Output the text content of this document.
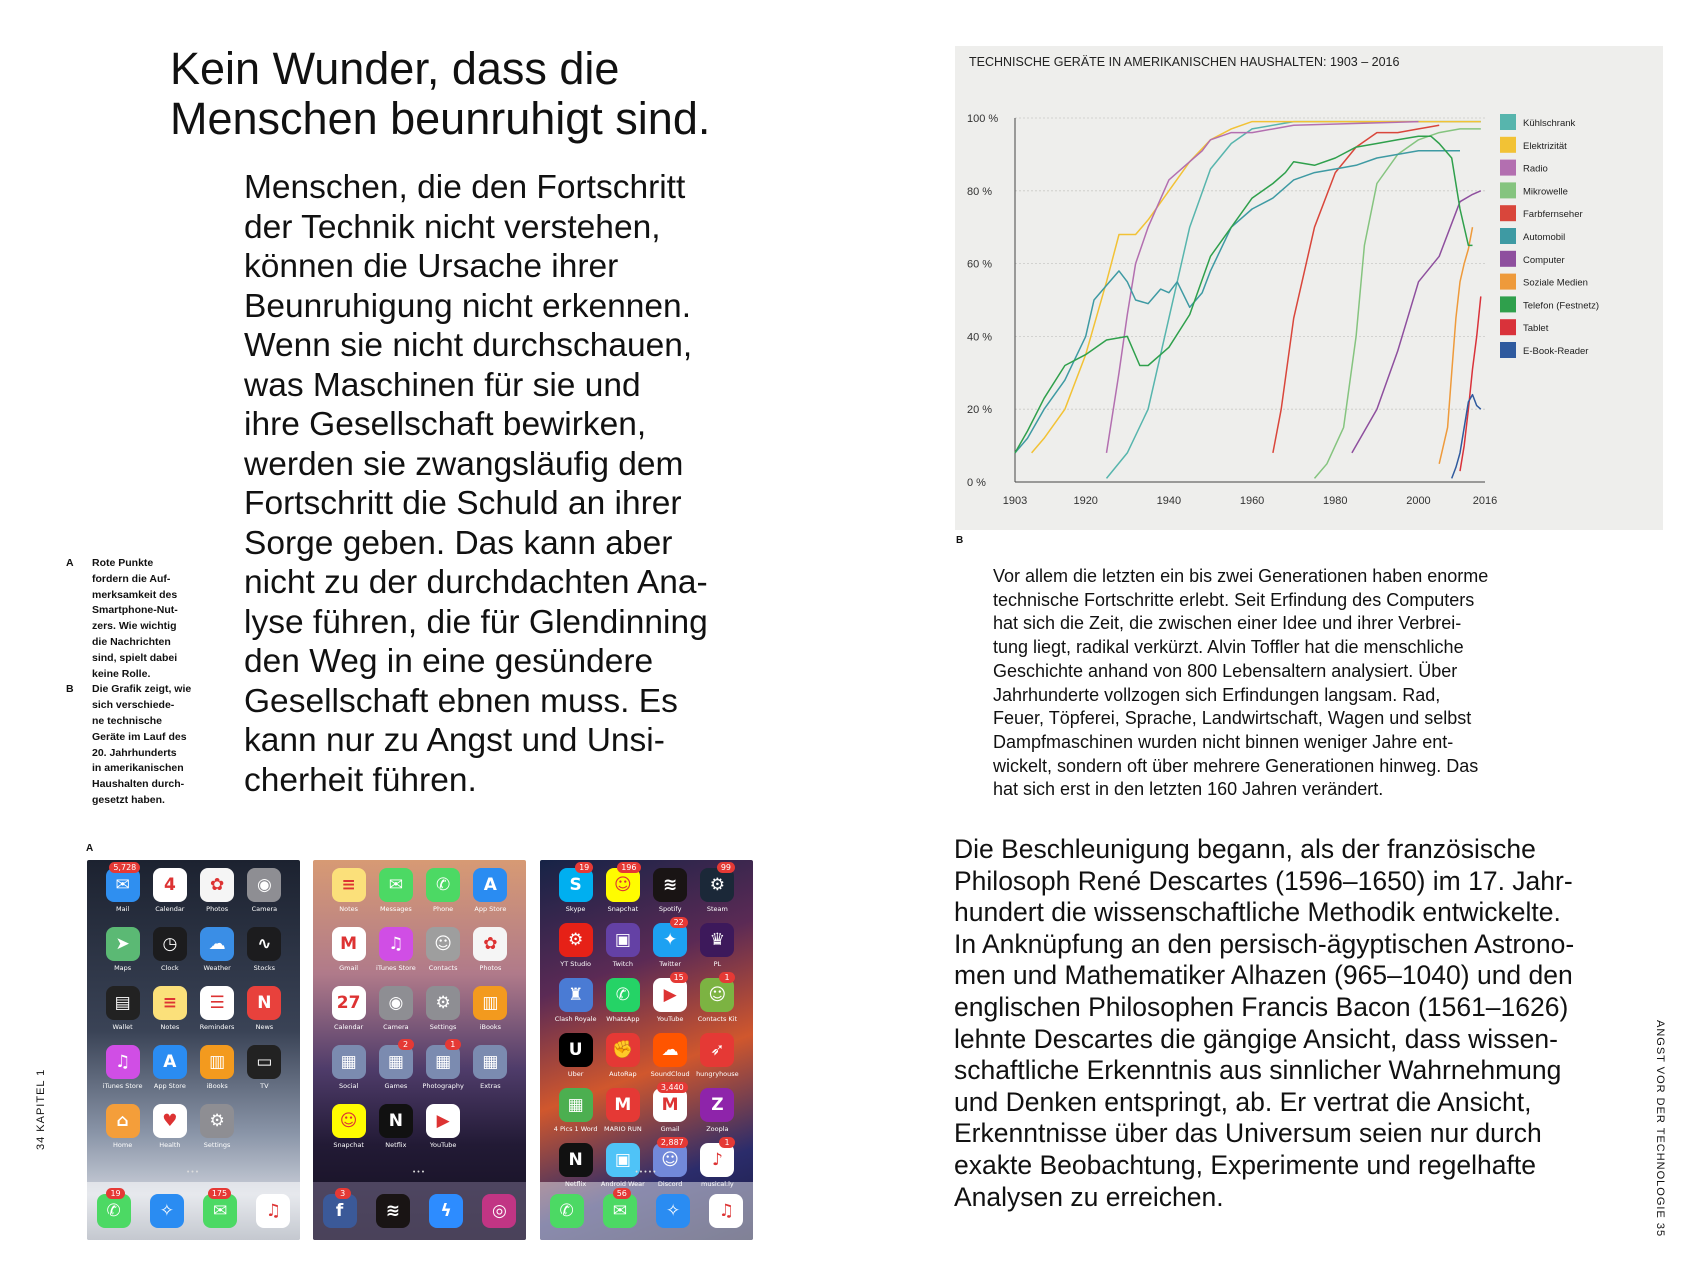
Kein Wunder, dass die
Menschen beunruhigt sind.
Menschen, die den Fortschritt
der Technik nicht verstehen,
können die Ursache ihrer
Beunruhigung nicht erkennen.
Wenn sie nicht durchschauen,
was Maschinen für sie und
ihre Gesellschaft bewirken,
werden sie zwangsläufig dem
Fortschritt die Schuld an ihrer
Sorge geben. Das kann aber
nicht zu der durchdachten Ana-
lyse führen, die für Glendinning
den Weg in eine gesündere
Gesellschaft ebnen muss. Es
kann nur zu Angst und Unsi-
cherheit führen.
A Rote Punkte
fordern die Auf-
merksamkeit des
Smartphone-Nut-
zers. Wie wichtig
die Nachrichten
sind, spielt dabei
keine Rolle.
B Die Grafik zeigt, wie
sich verschiede-
ne technische
Geräte im Lauf des
20. Jahrhunderts
in amerikanischen
Haushalten durch-
gesetzt haben.
A
✉
5,728
Mail
4
Calendar
✿
Photos
◉
Camera
➤
Maps
◷
Clock
☁
Weather
∿
Stocks
▤
Wallet
≡
Notes
☰
Reminders
N
News
♫
iTunes Store
A
App Store
▥
iBooks
▭
TV
⌂
Home
♥
Health
⚙
Settings
•••
✆
19
✧	✉
175
♫
≡
Notes
✉
Messages
✆
Phone
A
App Store
M
Gmail
♫
iTunes Store
☺
Contacts
✿
Photos
27
Calendar
◉
Camera
⚙
Settings
▥
iBooks
▦
Social
▦
2
Games
▦
1
Photography
▦
Extras
☺
Snapchat
N
Netflix
▶
YouTube
•••
f
3
≋	ϟ	◎
S
19
Skype
☺
196
Snapchat
≋
Spotify
⚙
99
Steam
⚙
YT Studio
▣
Twitch
✦
22
Twitter
♛
PL
♜
Clash Royale
✆
WhatsApp
▶
15
YouTube
☺
1
Contacts Kit
U
Uber
✊
AutoRap
☁
SoundCloud
➶
hungryhouse
▦
4 Pics 1 Word
M
MARIO RUN
M
3,440
Gmail
Z
Zoopla
N
Netflix
▣
Android Wear
☺
2,887
Discord
♪
1
musical.ly
•••••
✆	✉
56
✧	♫
34 KAPITEL 1
TECHNISCHE GERÄTE IN AMERIKANISCHEN HAUSHALTEN: 1903 – 2016
0 %
20 %
40 %
60 %
80 %
100 %
1903	1920	1940	1960	1980	2000	2016
Kühlschrank
Elektrizität
Radio
Mikrowelle
Farbfernseher
Automobil
Computer
Soziale Medien
Telefon (Festnetz)
Tablet
E-Book-Reader
B
Vor allem die letzten ein bis zwei Generationen haben enorme
technische Fortschritte erlebt. Seit Erfindung des Computers
hat sich die Zeit, die zwischen einer Idee und ihrer Verbrei-
tung liegt, radikal verkürzt. Alvin Toffler hat die menschliche
Geschichte anhand von 800 Lebensaltern analysiert. Über
Jahrhunderte vollzogen sich Erfindungen langsam. Rad,
Feuer, Töpferei, Sprache, Landwirtschaft, Wagen und selbst
Dampfmaschinen wurden nicht binnen weniger Jahre ent-
wickelt, sondern oft über mehrere Generationen hinweg. Das
hat sich erst in den letzten 160 Jahren verändert.
Die Beschleunigung begann, als der französische
Philosoph René Descartes (1596–1650) im 17. Jahr-
hundert die wissenschaftliche Methodik entwickelte.
In Anknüpfung an den persisch-ägyptischen Astrono-
men und Mathematiker Alhazen (965–1040) und den
englischen Philosophen Francis Bacon (1561–1626)
lehnte Descartes die gängige Ansicht, dass wissen-
schaftliche Erkenntnis aus sinnlicher Wahrnehmung
und Denken entspringt, ab. Er vertrat die Ansicht,
Erkenntnisse über das Universum seien nur durch
exakte Beobachtung, Experimente und regelhafte
Analysen zu erreichen.	ANGST VOR DER TECHNOLOGIE 35
